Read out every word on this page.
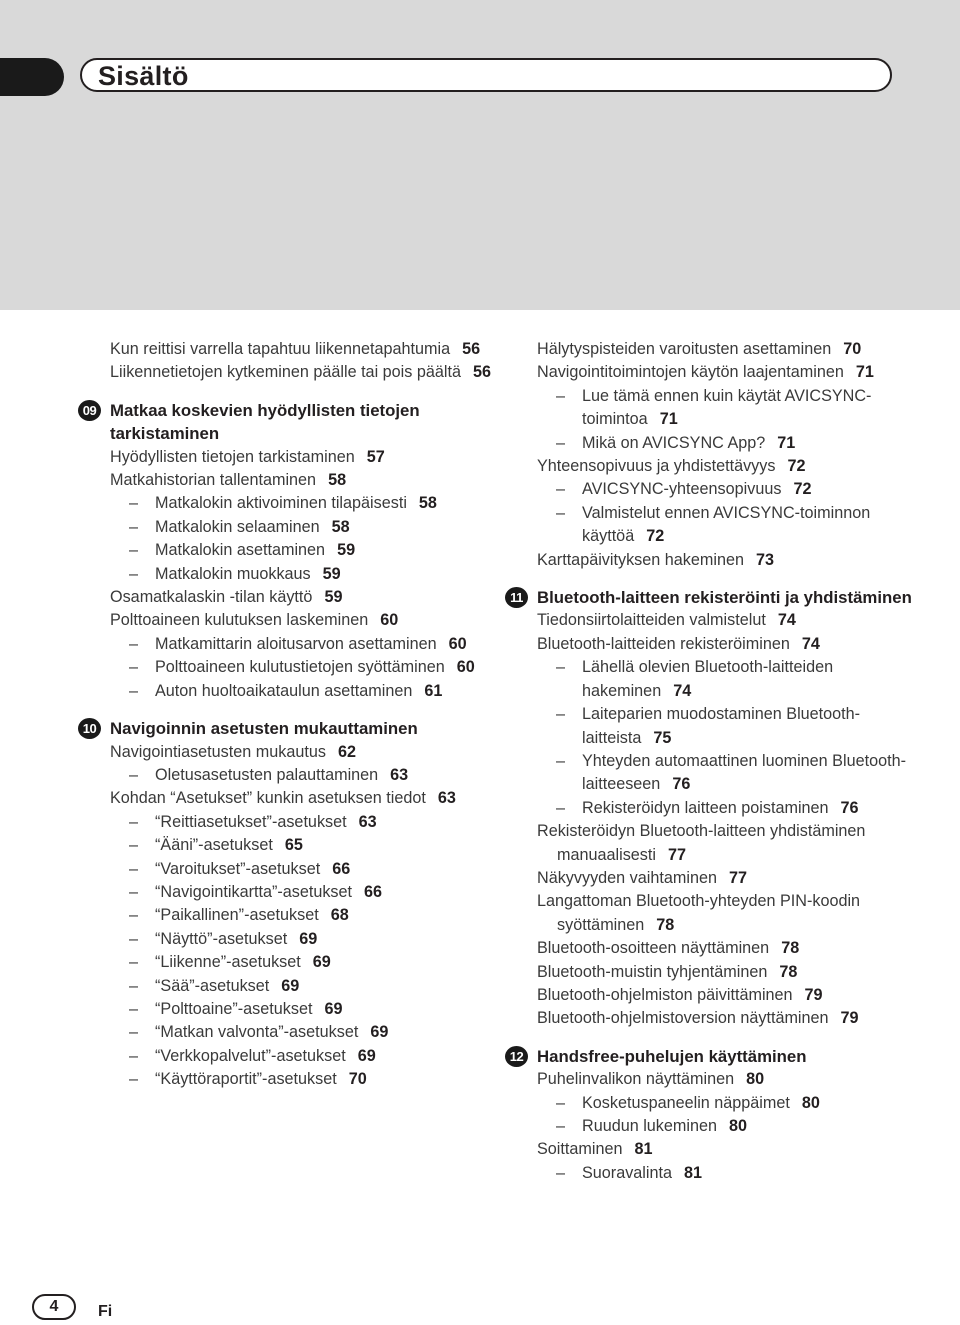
Sisältö
Kun reittisi varrella tapahtuu liikennetapahtumia 56
Liikennetietojen kytkeminen päälle tai pois päältä 56
09 Matkaa koskevien hyödyllisten tietojen tarkistaminen
Hyödyllisten tietojen tarkistaminen 57
Matkahistorian tallentaminen 58
– Matkalokin aktivoiminen tilapäisesti 58
– Matkalokin selaaminen 58
– Matkalokin asettaminen 59
– Matkalokin muokkaus 59
Osamatkalaskin -tilan käyttö 59
Polttoaineen kulutuksen laskeminen 60
– Matkamittarin aloitusarvon asettaminen 60
– Polttoaineen kulutustietojen syöttäminen 60
– Auton huoltoaikataulun asettaminen 61
10 Navigoinnin asetusten mukauttaminen
Navigointiasetusten mukautus 62
– Oletusasetusten palauttaminen 63
Kohdan “Asetukset” kunkin asetuksen tiedot 63
– “Reittiasetukset”-asetukset 63
– “Ääni”-asetukset 65
– “Varoitukset”-asetukset 66
– “Navigointikartta”-asetukset 66
– “Paikallinen”-asetukset 68
– “Näyttö”-asetukset 69
– “Liikenne”-asetukset 69
– “Sää”-asetukset 69
– “Polttoaine”-asetukset 69
– “Matkan valvonta”-asetukset 69
– “Verkkopalvelut”-asetukset 69
– “Käyttöraportit”-asetukset 70
Hälytyspisteiden varoitusten asettaminen 70
Navigointitoimintojen käytön laajentaminen 71
– Lue tämä ennen kuin käytät AVICSYNC-toimintoa 71
– Mikä on AVICSYNC App? 71
Yhteensopivuus ja yhdistettävyys 72
– AVICSYNC-yhteensopivuus 72
– Valmistelut ennen AVICSYNC-toiminnon käyttöä 72
Karttapäivityksen hakeminen 73
11 Bluetooth-laitteen rekisteröinti ja yhdistäminen
Tiedonsiirtolaitteiden valmistelut 74
Bluetooth-laitteiden rekisteröiminen 74
– Lähellä olevien Bluetooth-laitteiden hakeminen 74
– Laiteparien muodostaminen Bluetooth-laitteista 75
– Yhteyden automaattinen luominen Bluetooth-laitteeseen 76
– Rekisteröidyn laitteen poistaminen 76
Rekisteröidyn Bluetooth-laitteen yhdistäminen manuaalisesti 77
Näkyvyyden vaihtaminen 77
Langattoman Bluetooth-yhteyden PIN-koodin syöttäminen 78
Bluetooth-osoitteen näyttäminen 78
Bluetooth-muistin tyhjentäminen 78
Bluetooth-ohjelmiston päivittäminen 79
Bluetooth-ohjelmistoversion näyttäminen 79
12 Handsfree-puhelujen käyttäminen
Puhelinvalikon näyttäminen 80
– Kosketuspaneelin näppäimet 80
– Ruudun lukeminen 80
Soittaminen 81
– Suoravalinta 81
4	Fi
